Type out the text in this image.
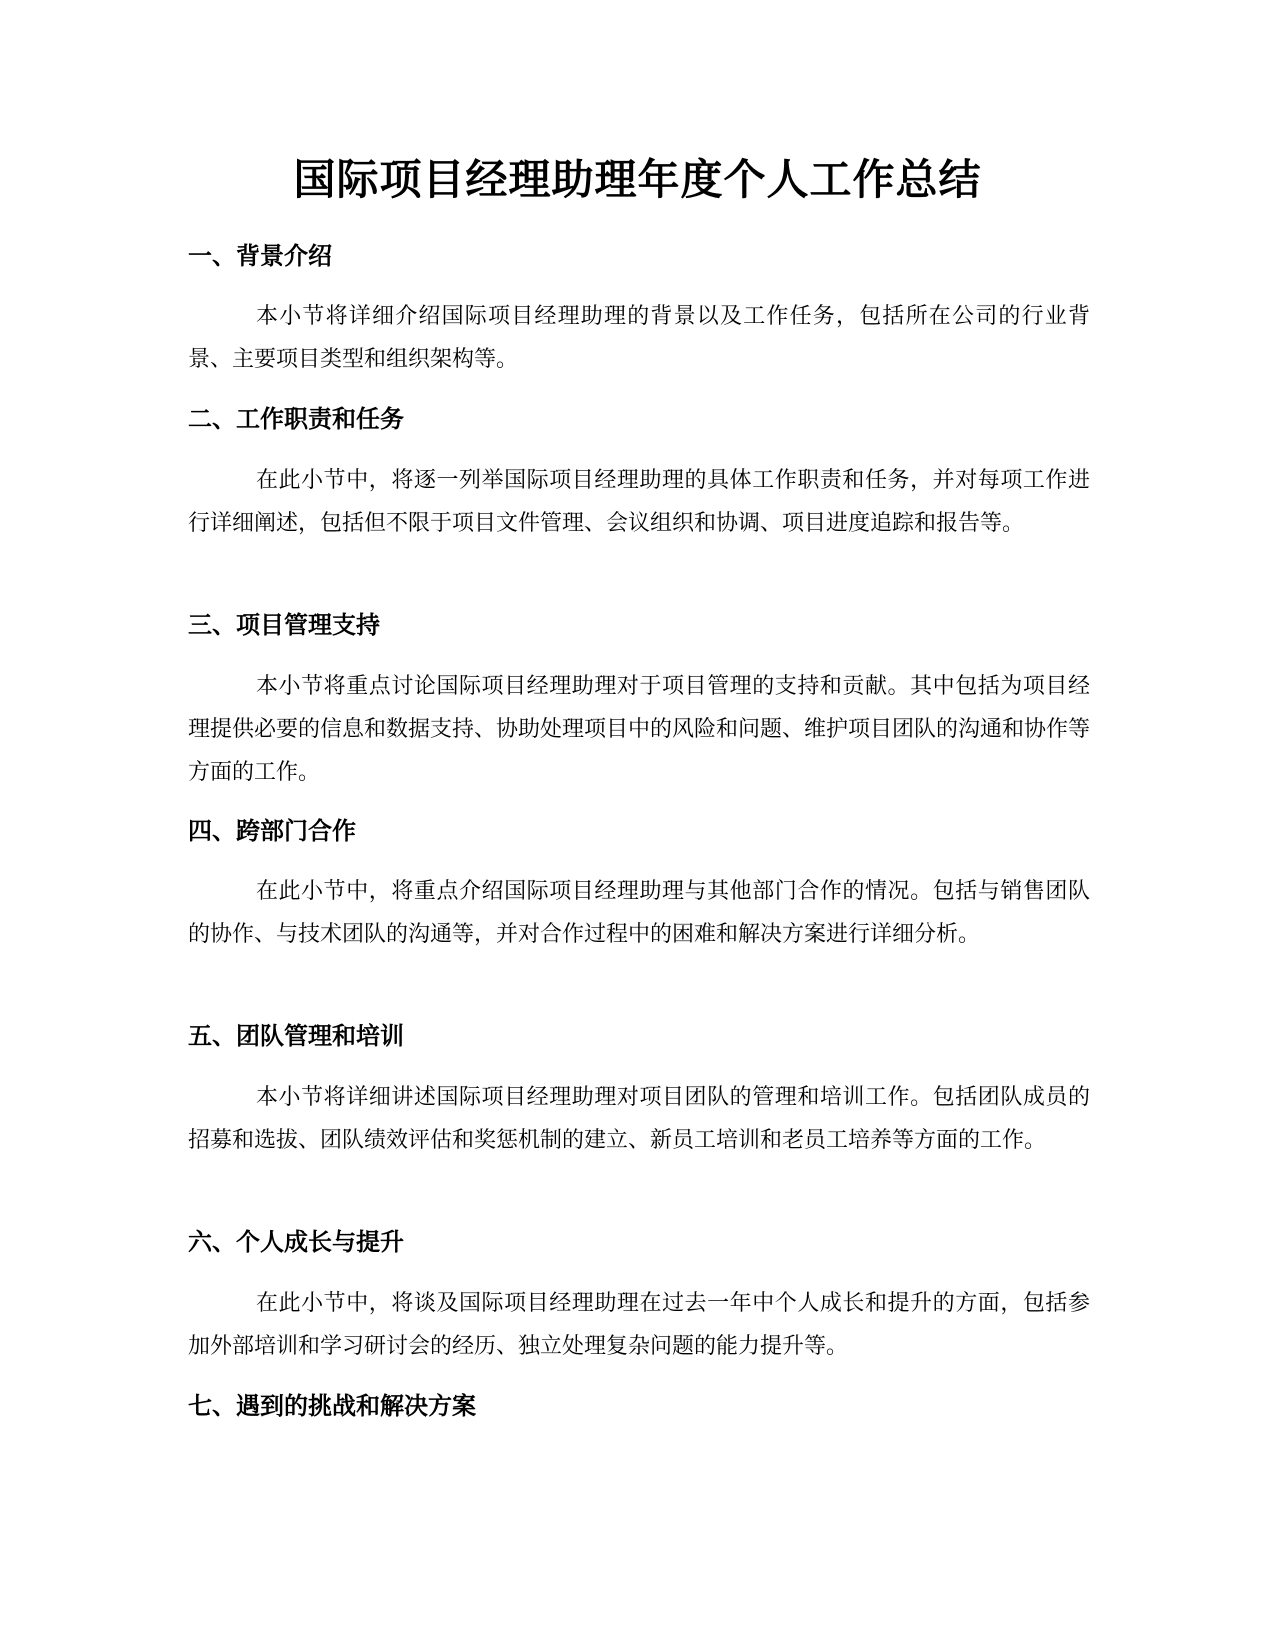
国际项目经理助理年度个人工作总结
一、背景介绍

本小节将详细介绍国际项目经理助理的背景以及工作任务，包括所在公司的行业背景、主要项目类型和组织架构等。

二、工作职责和任务

在此小节中，将逐一列举国际项目经理助理的具体工作职责和任务，并对每项工作进行详细阐述，包括但不限于项目文件管理、会议组织和协调、项目进度追踪和报告等。

三、项目管理支持

本小节将重点讨论国际项目经理助理对于项目管理的支持和贡献。其中包括为项目经理提供必要的信息和数据支持、协助处理项目中的风险和问题、维护项目团队的沟通和协作等方面的工作。

四、跨部门合作

在此小节中，将重点介绍国际项目经理助理与其他部门合作的情况。包括与销售团队的协作、与技术团队的沟通等，并对合作过程中的困难和解决方案进行详细分析。

五、团队管理和培训

本小节将详细讲述国际项目经理助理对项目团队的管理和培训工作。包括团队成员的招募和选拔、团队绩效评估和奖惩机制的建立、新员工培训和老员工培养等方面的工作。

六、个人成长与提升

在此小节中，将谈及国际项目经理助理在过去一年中个人成长和提升的方面，包括参加外部培训和学习研讨会的经历、独立处理复杂问题的能力提升等。

七、遇到的挑战和解决方案
